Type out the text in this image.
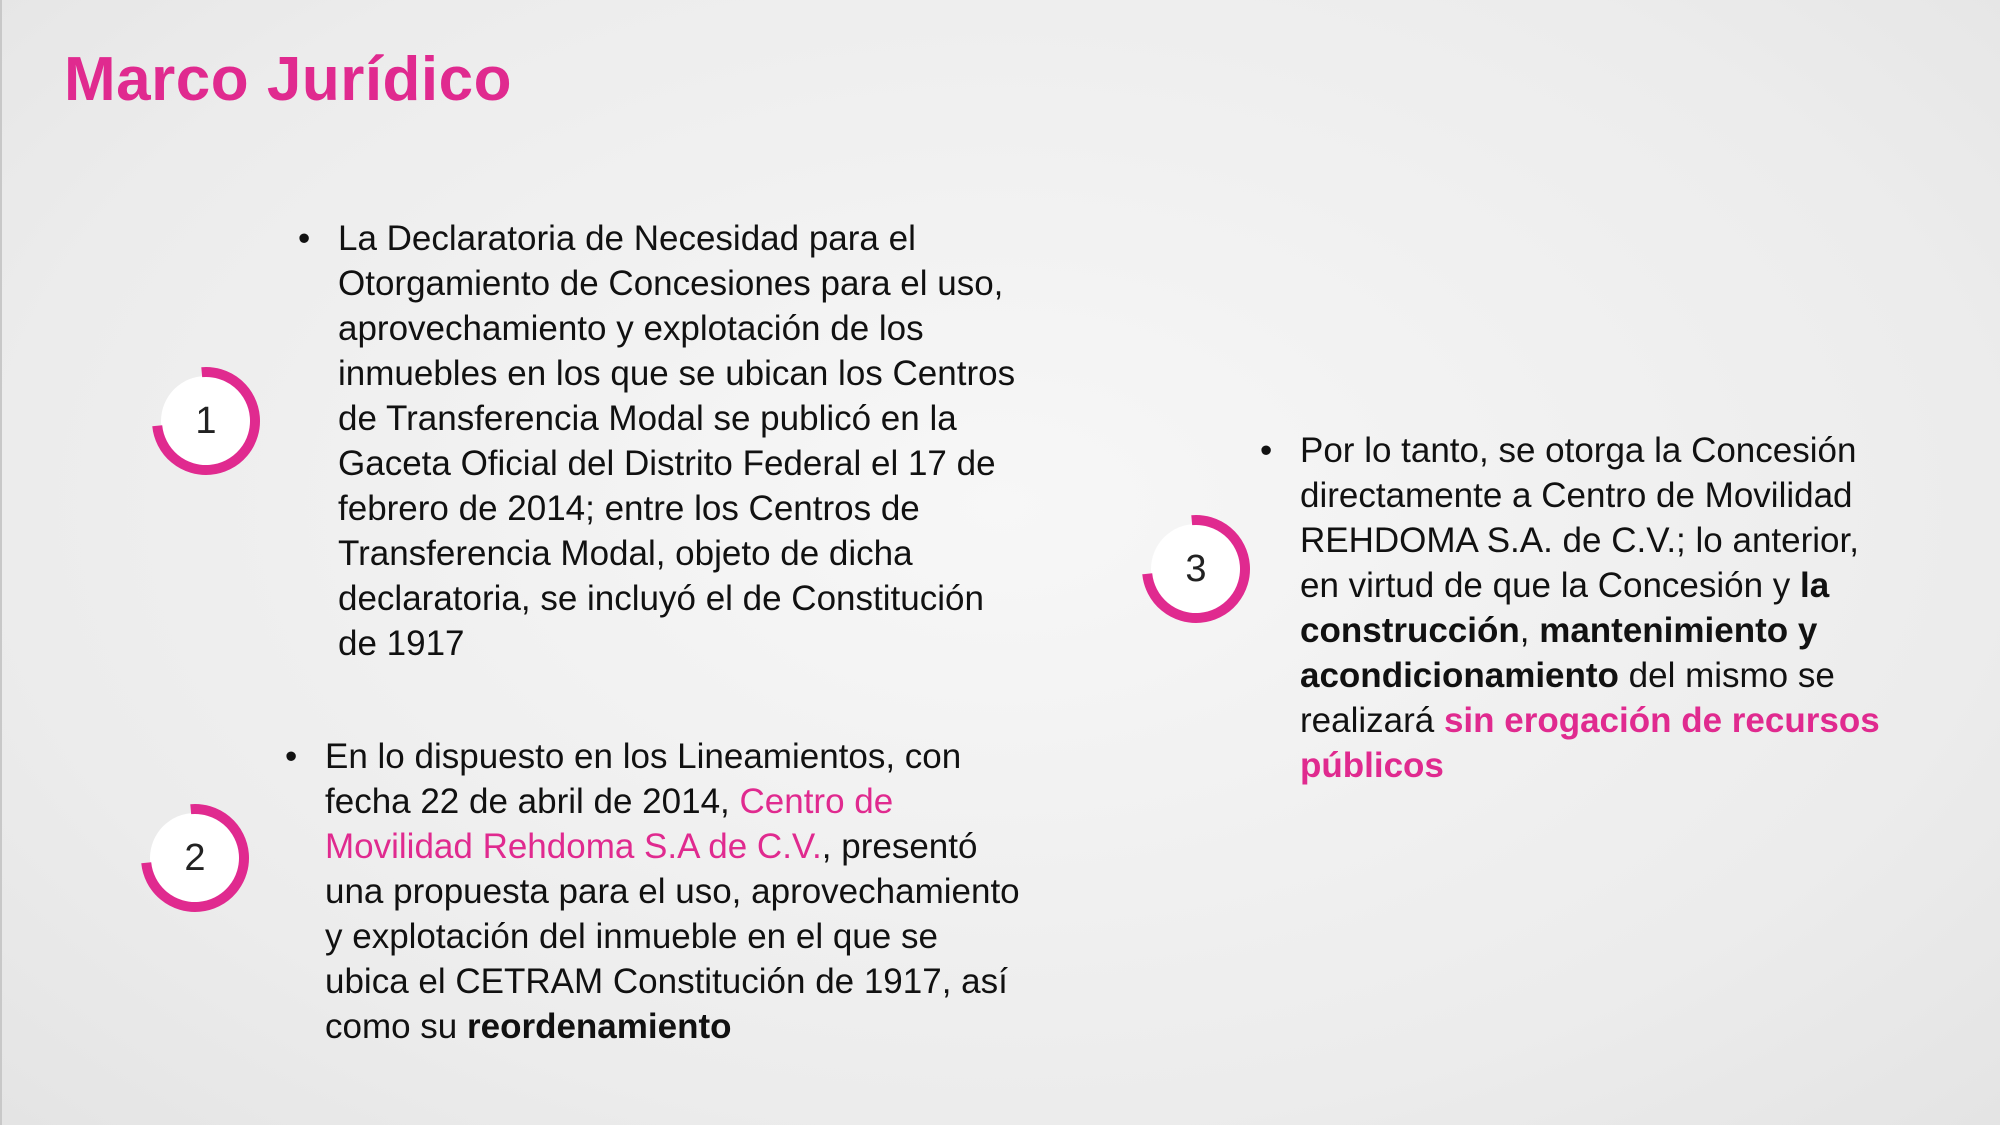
Marco Jurídico
1
• La Declaratoria de Necesidad para el Otorgamiento de Concesiones para el uso, aprovechamiento y explotación de los inmuebles en los que se ubican los Centros de Transferencia Modal se publicó en la Gaceta Oficial del Distrito Federal el 17 de febrero de 2014; entre los Centros de Transferencia Modal, objeto de dicha declaratoria, se incluyó el de Constitución de 1917

2
• En lo dispuesto en los Lineamientos, con fecha 22 de abril de 2014, Centro de Movilidad Rehdoma S.A de C.V., presentó una propuesta para el uso, aprovechamiento y explotación del inmueble en el que se ubica el CETRAM Constitución de 1917, así como su reordenamiento

3
• Por lo tanto, se otorga la Concesión directamente a Centro de Movilidad REHDOMA S.A. de C.V.; lo anterior, en virtud de que la Concesión y la construcción, mantenimiento y acondicionamiento del mismo se realizará sin erogación de recursos públicos
